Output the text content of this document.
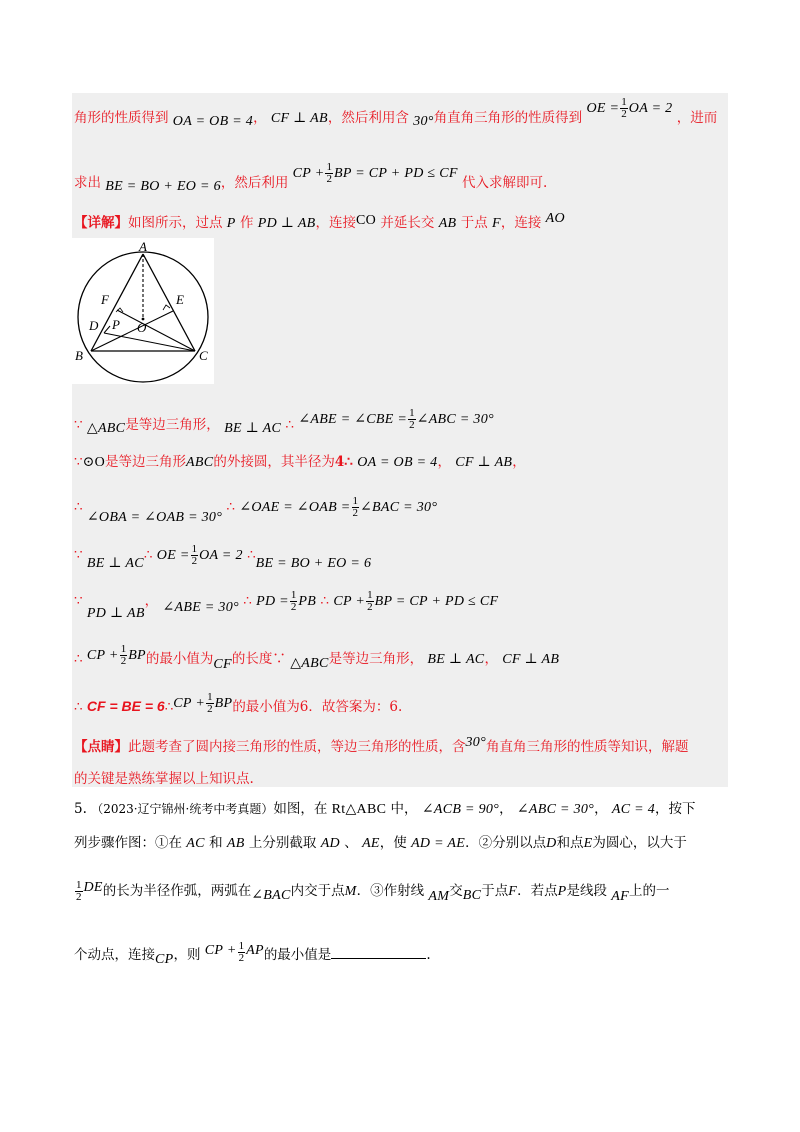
角形的性质得到 OA = OB = 4， CF ⊥ AB，然后利用含 30°角直角三角形的性质得到 OE = $\frac{1}{2}$ OA = 2 ，进而
求出 BE = BO + EO = 6，然后利用 CP + $\frac{1}{2}$ BP = CP + PD ≤ CF 代入求解即可.
【详解】如图所示，过点 P 作 PD ⊥ AB，连接CO 并延长交 AB 于点 F，连接 AO
A
B	C
D
E
F
O
P
∵ △ABC是等边三角形， BE ⊥ AC ∴ ∠ABE = ∠CBE = $\frac{1}{2}$ ∠ABC = 30°
∵⊙O是等边三角形ABC的外接圆，其半径为4∴ OA = OB = 4， CF ⊥ AB，
∴ ∠OBA = ∠OAB = 30° ∴ ∠OAE = ∠OAB = $\frac{1}{2}$ ∠BAC = 30°
∵ BE ⊥ AC∴ OE = $\frac{1}{2}$ OA = 2 ∴BE = BO + EO = 6
∵ PD ⊥ AB， ∠ABE = 30° ∴ PD = $\frac{1}{2}$ PB ∴ CP + $\frac{1}{2}$ BP = CP + PD ≤ CF
∴ CP + $\frac{1}{2}$ BP的最小值为CF的长度∵ △ABC是等边三角形， BE ⊥ AC， CF ⊥ AB
∴ CF = BE = 6∴CP + $\frac{1}{2}$ BP的最小值为6．故答案为：6.
【点睛】此题考查了圆内接三角形的性质，等边三角形的性质，含30°角直角三角形的性质等知识，解题
的关键是熟练掌握以上知识点.
5. （2023·辽宁锦州·统考中考真题）如图，在 Rt△ABC 中， ∠ACB = 90°， ∠ABC = 30°， AC = 4，按下
列步骤作图：①在 AC 和 AB 上分别截取 AD 、 AE，使 AD = AE．②分别以点D和点E为圆心，以大于
$\frac{1}{2}$ DE的长为半径作弧，两弧在∠BAC内交于点M．③作射线 AM交BC于点F．若点P是线段 AF上的一
个动点，连接CP，则 CP + $\frac{1}{2}$ AP的最小值是	.
